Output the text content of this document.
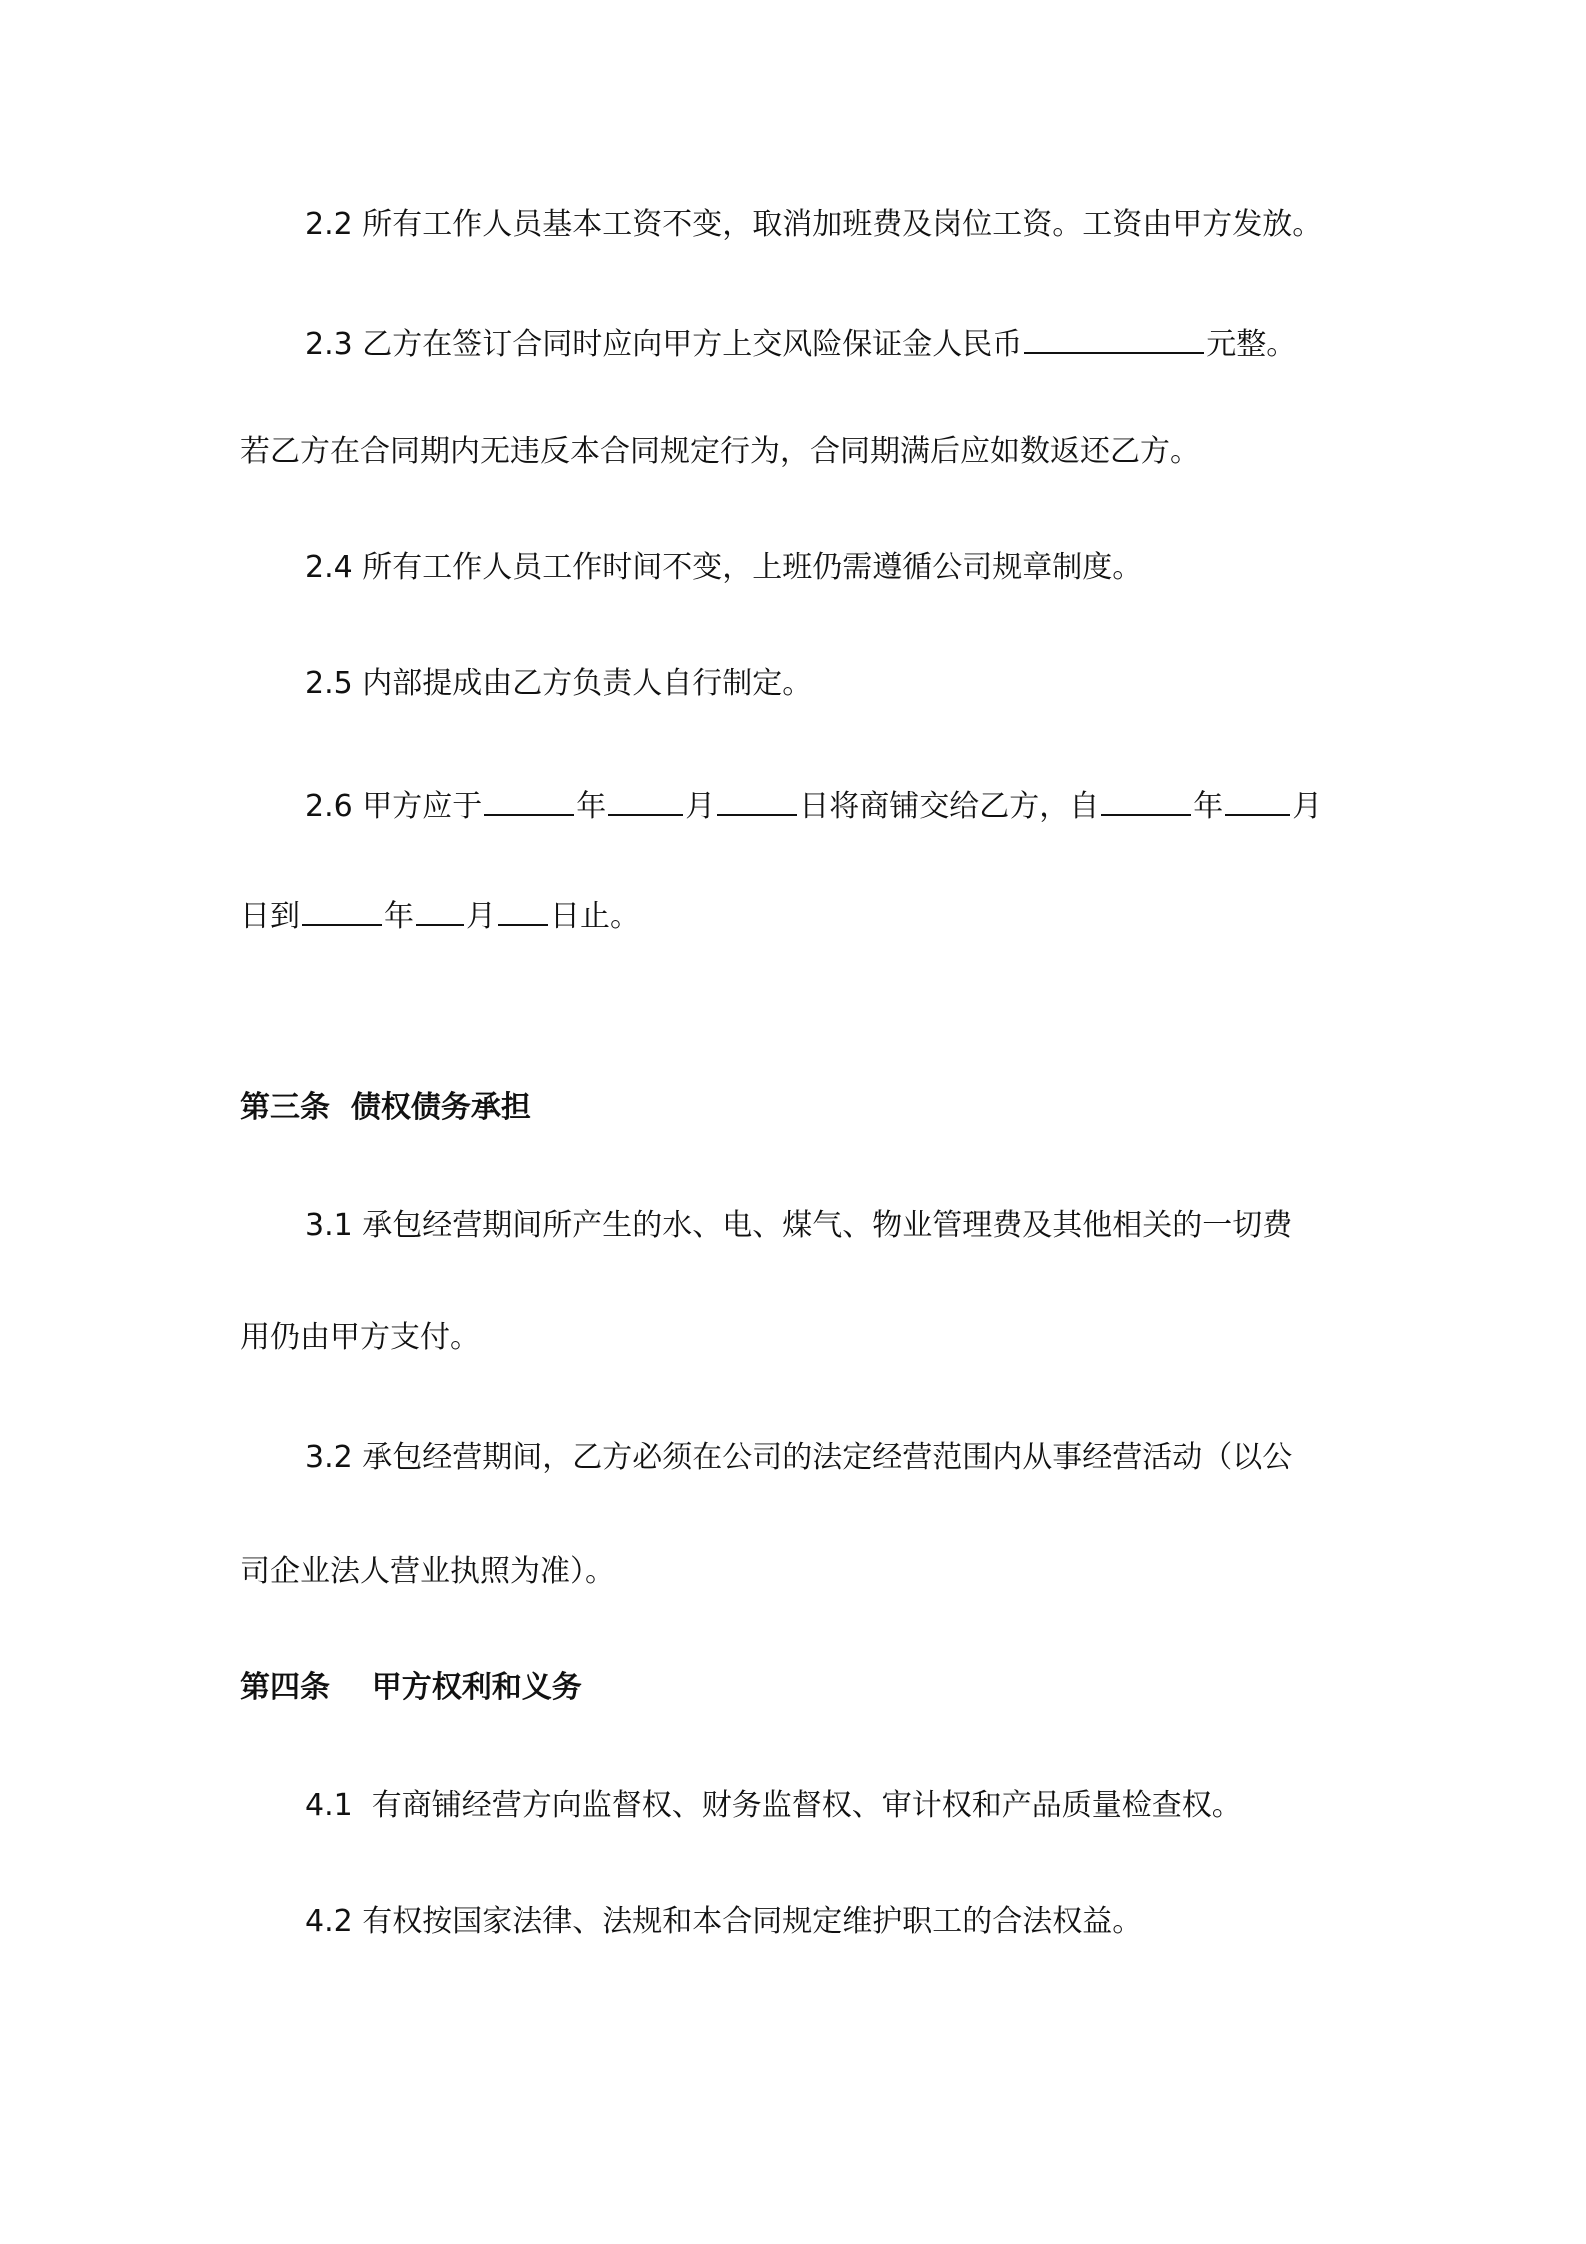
2.2 所有工作人员基本工资不变，取消加班费及岗位工资。工资由甲方发放。
2.3 乙方在签订合同时应向甲方上交风险保证金人民币	元整。
若乙方在合同期内无违反本合同规定行为，合同期满后应如数返还乙方。
2.4 所有工作人员工作时间不变，上班仍需遵循公司规章制度。
2.5 内部提成由乙方负责人自行制定。
2.6 甲方应于	年	月	日将商铺交给乙方，自	年 月
日到	年 月 日止。
第三条  债权债务承担
3.1 承包经营期间所产生的水、电、煤气、物业管理费及其他相关的一切费
用仍由甲方支付。
3.2 承包经营期间，乙方必须在公司的法定经营范围内从事经营活动（以公
司企业法人营业执照为准）。
第四条    甲方权利和义务
4.1  有商铺经营方向监督权、财务监督权、审计权和产品质量检查权。
4.2 有权按国家法律、法规和本合同规定维护职工的合法权益。
